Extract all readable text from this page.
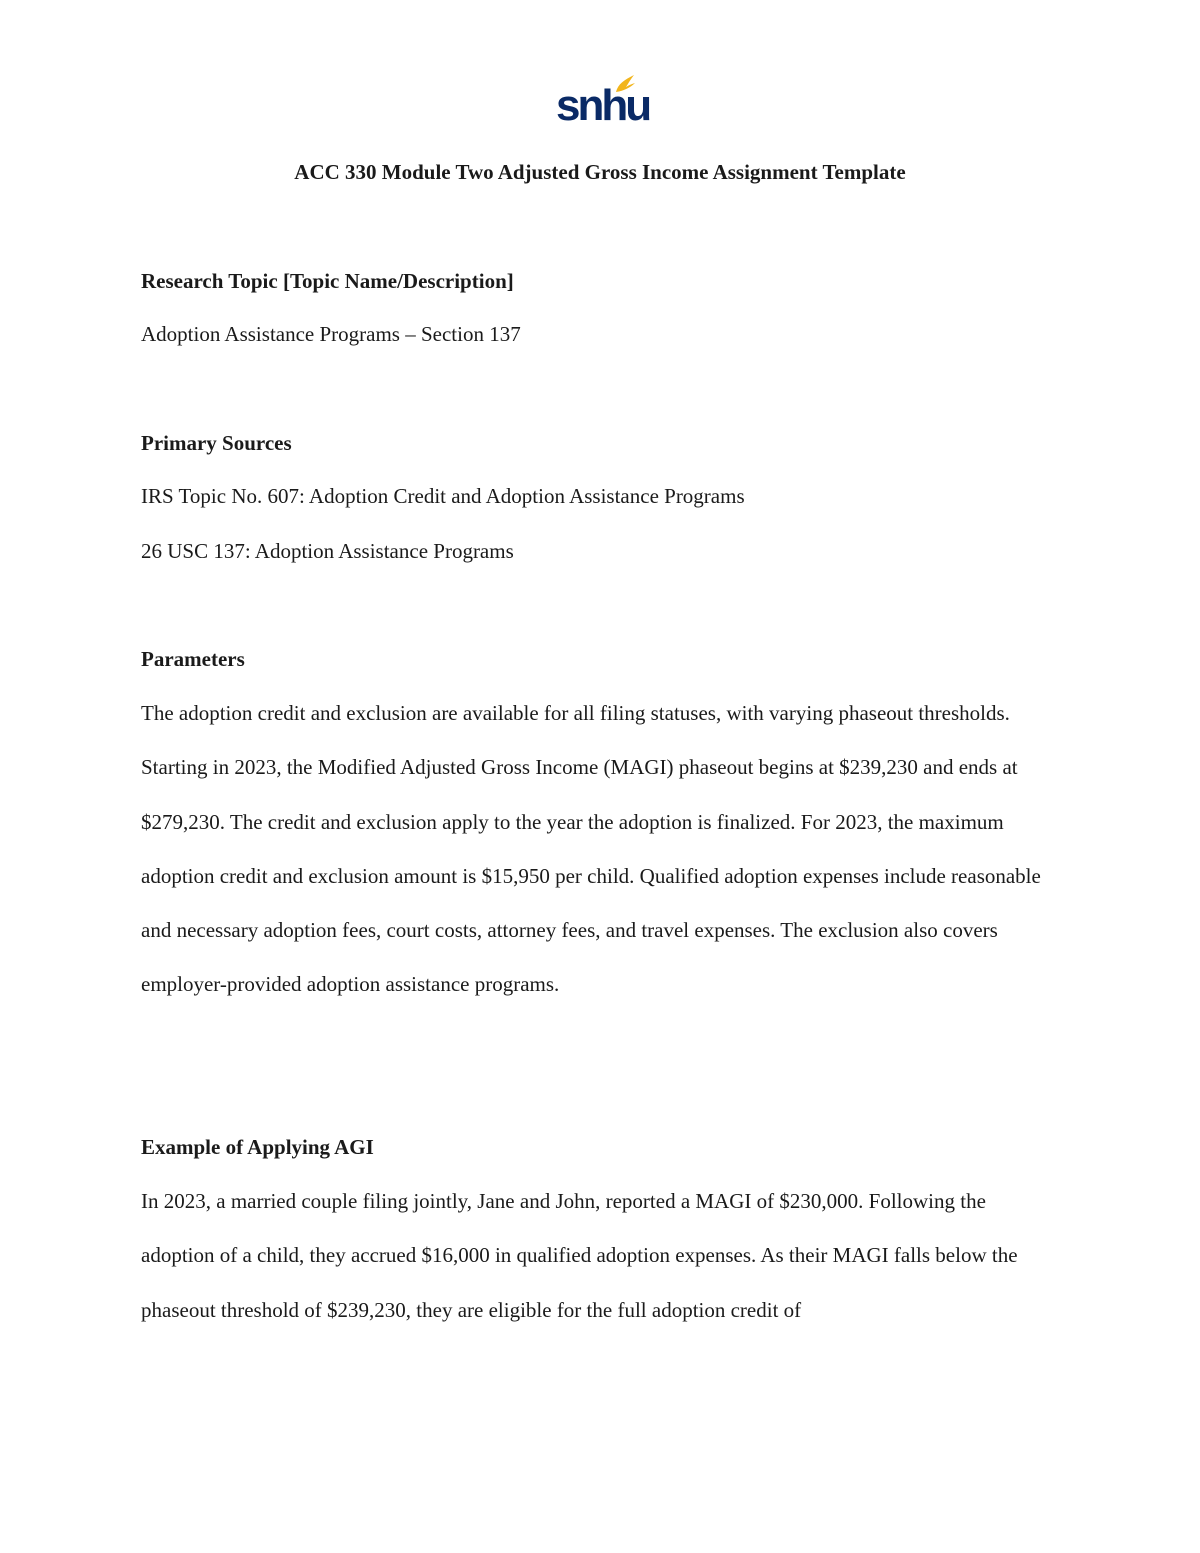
snhu
ACC 330 Module Two Adjusted Gross Income Assignment Template
Research Topic [Topic Name/Description]
Adoption Assistance Programs – Section 137
Primary Sources
IRS Topic No. 607: Adoption Credit and Adoption Assistance Programs
26 USC 137: Adoption Assistance Programs
Parameters

The adoption credit and exclusion are available for all filing statuses, with varying phaseout thresholds. Starting in 2023, the Modified Adjusted Gross Income (MAGI) phaseout begins at $239,230 and ends at $279,230. The credit and exclusion apply to the year the adoption is finalized. For 2023, the maximum adoption credit and exclusion amount is $15,950 per child. Qualified adoption expenses include reasonable and necessary adoption fees, court costs, attorney fees, and travel expenses. The exclusion also covers employer-provided adoption assistance programs.

Example of Applying AGI

In 2023, a married couple filing jointly, Jane and John, reported a MAGI of $230,000. Following the adoption of a child, they accrued $16,000 in qualified adoption expenses. As their MAGI falls below the phaseout threshold of $239,230, they are eligible for the full adoption credit of
